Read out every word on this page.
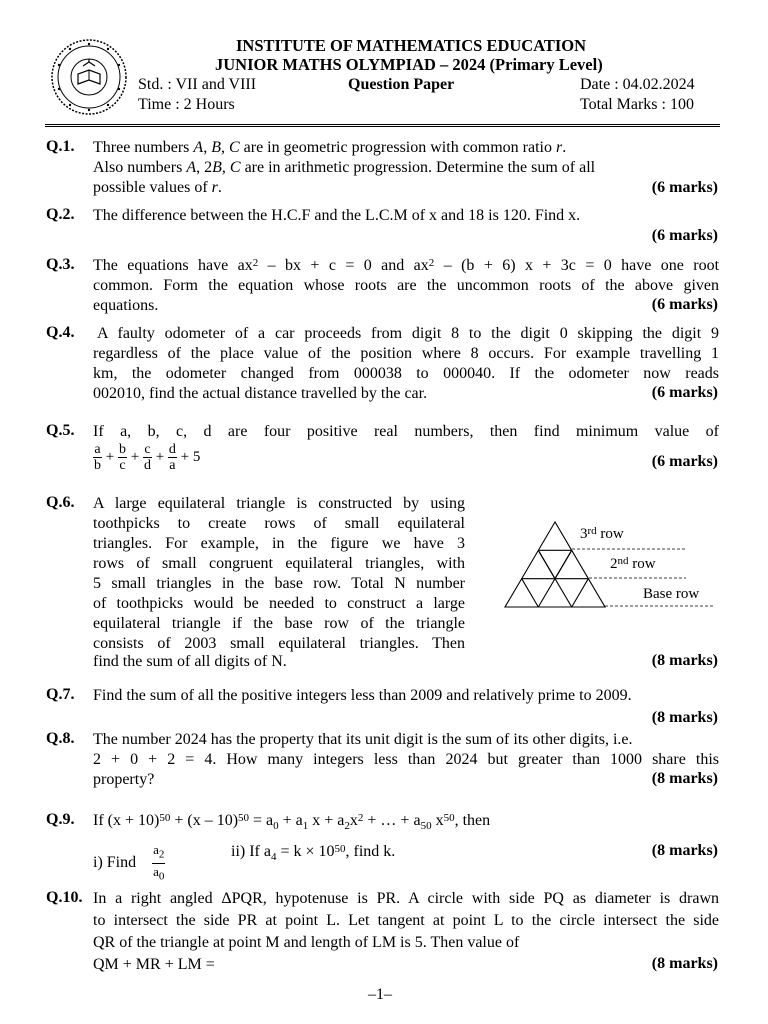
INSTITUTE OF MATHEMATICS EDUCATION
JUNIOR MATHS OLYMPIAD – 2024 (Primary Level)
Std. : VII and VIII	Question Paper	Date : 04.02.2024
Time : 2 Hours	Total Marks : 100
Q.1. Three numbers A, B, C are in geometric progression with common ratio r.
Also numbers A, 2B, C are in arithmetic progression. Determine the sum of all
possible values of r.	(6 marks)
Q.2. The difference between the H.C.F and the L.C.M of x and 18 is 120. Find x.
(6 marks)
Q.3. The equations have $ax^2$ – bx + c = 0 and $ax^2 - (b + 6) x + 3c = 0$ have one root
common. Form the equation whose roots are the uncommon roots of the above given
equations.	(6 marks)
Q.4. A faulty odometer of a car proceeds from digit 8 to the digit 0 skipping the digit 9
regardless of the place value of the position where 8 occurs. For example travelling 1
km, the odometer changed from 000038 to 000040. If the odometer now reads
002010, find the actual distance travelled by the car.	(6 marks)
Q.5. If a, b, c, d are four positive real numbers, then find minimum value of
$\frac{a}{b} + \frac{b}{c} + \frac{c}{d} + \frac{d}{a} + 5$	(6 marks)
Q.6. A large equilateral triangle is constructed by using
toothpicks to create rows of small equilateral
triangles. For example, in the figure we have 3
rows of small congruent equilateral triangles, with
5 small triangles in the base row. Total N number
of toothpicks would be needed to construct a large
equilateral triangle if the base row of the triangle
consists of 2003 small equilateral triangles. Then
find the sum of all digits of N.	(8 marks)
3rd row
2nd row
Base row
Q.7. Find the sum of all the positive integers less than 2009 and relatively prime to 2009.
(8 marks)
Q.8. The number 2024 has the property that its unit digit is the sum of its other digits, i.e.
2 + 0 + 2 = 4. How many integers less than 2024 but greater than 1000 share this
property?	(8 marks)
Q.9. If $(x + 10)^{50} + (x - 10)^{50} = a_0 + a_1$ $x + a_2x^2$ + … + $a_{50}$ $x^{50}$, then
i) Find $\frac{a_2}{a_0}$	ii) If $a_4 = k \times 10^{50}$, find k.	(8 marks)
Q.10. In a right angled ΔPQR, hypotenuse is PR. A circle with side PQ as diameter is drawn
to intersect the side PR at point L. Let tangent at point L to the circle intersect the side
QR of the triangle at point M and length of LM is 5. Then value of
QM + MR + LM =	(8 marks)
–1–
